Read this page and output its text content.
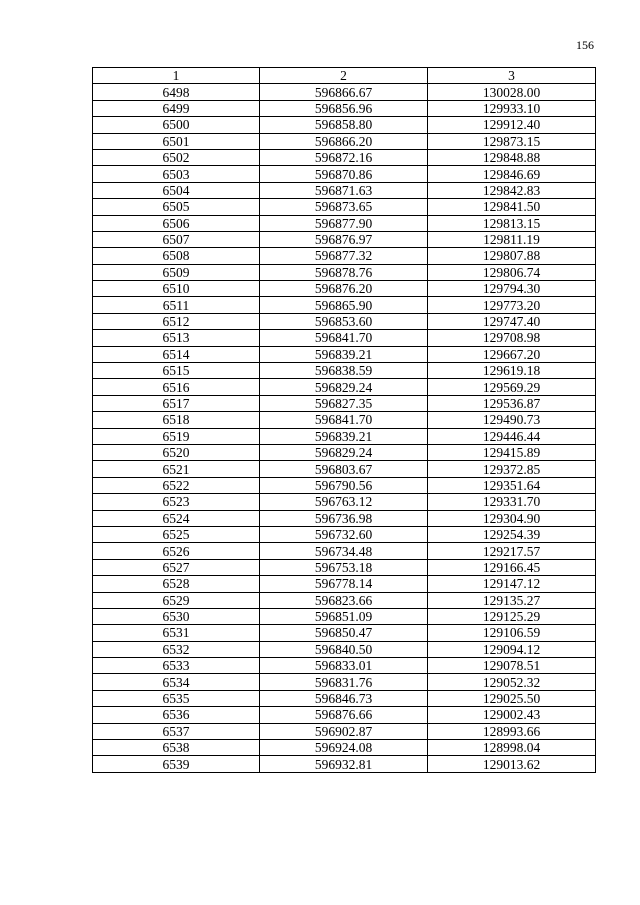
156
1	2	3
6498	596866.67	130028.00
6499	596856.96	129933.10
6500	596858.80	129912.40
6501	596866.20	129873.15
6502	596872.16	129848.88
6503	596870.86	129846.69
6504	596871.63	129842.83
6505	596873.65	129841.50
6506	596877.90	129813.15
6507	596876.97	129811.19
6508	596877.32	129807.88
6509	596878.76	129806.74
6510	596876.20	129794.30
6511	596865.90	129773.20
6512	596853.60	129747.40
6513	596841.70	129708.98
6514	596839.21	129667.20
6515	596838.59	129619.18
6516	596829.24	129569.29
6517	596827.35	129536.87
6518	596841.70	129490.73
6519	596839.21	129446.44
6520	596829.24	129415.89
6521	596803.67	129372.85
6522	596790.56	129351.64
6523	596763.12	129331.70
6524	596736.98	129304.90
6525	596732.60	129254.39
6526	596734.48	129217.57
6527	596753.18	129166.45
6528	596778.14	129147.12
6529	596823.66	129135.27
6530	596851.09	129125.29
6531	596850.47	129106.59
6532	596840.50	129094.12
6533	596833.01	129078.51
6534	596831.76	129052.32
6535	596846.73	129025.50
6536	596876.66	129002.43
6537	596902.87	128993.66
6538	596924.08	128998.04
6539	596932.81	129013.62
